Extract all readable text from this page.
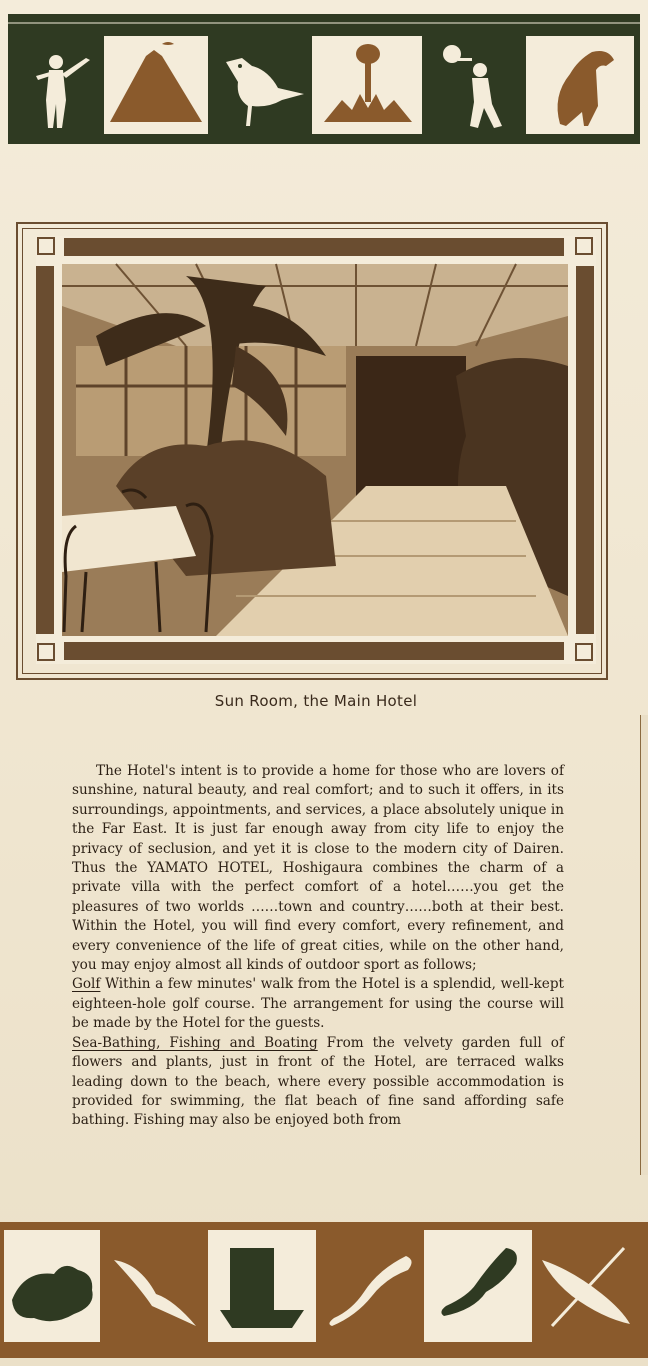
Sun Room, the Main Hotel

The Hotel's intent is to provide a home for those who are lovers of sunshine, natural beauty, and real comfort; and to such it offers, in its surroundings, appointments, and services, a place absolutely unique in the Far East. It is just far enough away from city life to enjoy the privacy of seclusion, and yet it is close to the modern city of Dairen. Thus the YAMATO HOTEL, Hoshigaura combines the charm of a private villa with the perfect comfort of a hotel……you get the pleasures of two worlds ……town and country……both at their best. Within the Hotel, you will find every comfort, every refinement, and every convenience of the life of great cities, while on the other hand, you may enjoy almost all kinds of outdoor sport as follows;

Golf Within a few minutes' walk from the Hotel is a splendid, well-kept eighteen-hole golf course. The arrangement for using the course will be made by the Hotel for the guests.

Sea-Bathing, Fishing and Boating From the velvety garden full of flowers and plants, just in front of the Hotel, are terraced walks leading down to the beach, where every possible accommodation is provided for swimming, the flat beach of fine sand affording safe bathing. Fishing may also be enjoyed both from
